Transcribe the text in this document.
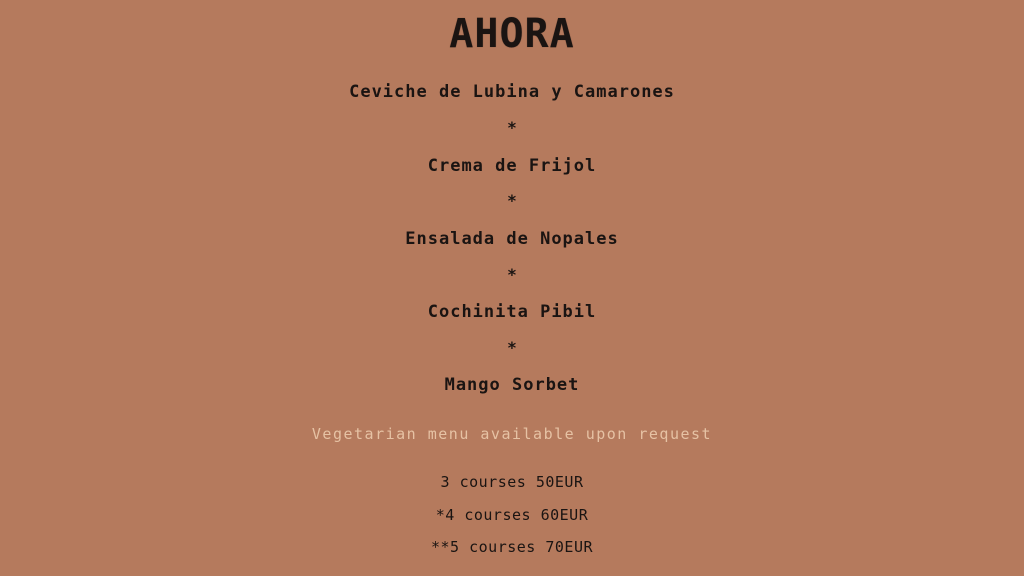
AHORA
Ceviche de Lubina y Camarones
*
Crema de Frijol
*
Ensalada de Nopales
*
Cochinita Pibil
*
Mango Sorbet
Vegetarian menu available upon request
3 courses 50EUR
*4 courses 60EUR
**5 courses 70EUR
